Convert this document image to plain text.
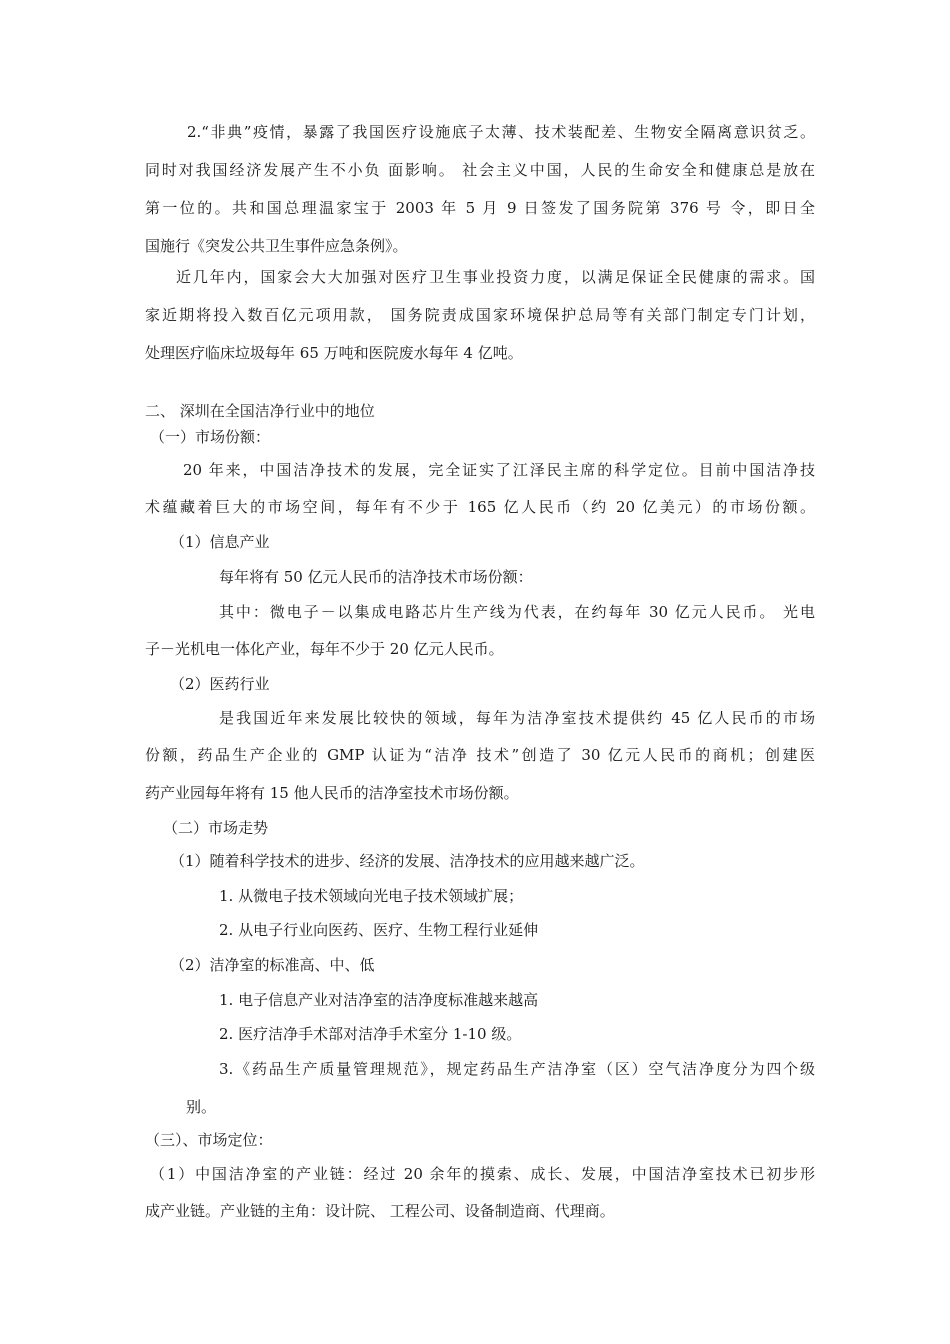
2.“非典”疫情，暴露了我国医疗设施底子太薄、技术装配差、生物安全隔离意识贫乏。
同时对我国经济发展产生不小负 面影响。 社会主义中国，人民的生命安全和健康总是放在
第一位的。共和国总理温家宝于 2003 年 5 月 9 日签发了国务院第 376 号 令，即日全
国施行《突发公共卫生事件应急条例》。
近几年内，国家会大大加强对医疗卫生事业投资力度，以满足保证全民健康的需求。国
家近期将投入数百亿元项用款， 国务院责成国家环境保护总局等有关部门制定专门计划，
处理医疗临床垃圾每年 65 万吨和医院废水每年 4 亿吨。
二、 深圳在全国洁净行业中的地位
（一）市场份额：
20 年来，中国洁净技术的发展，完全证实了江泽民主席的科学定位。目前中国洁净技
术蕴藏着巨大的市场空间，每年有不少于 165 亿人民币（约 20 亿美元）的市场份额。
（1）信息产业
每年将有 50 亿元人民币的洁净技术市场份额：
其中：微电子－以集成电路芯片生产线为代表，在约每年 30 亿元人民币。 光电
子－光机电一体化产业，每年不少于 20 亿元人民币。
（2）医药行业
是我国近年来发展比较快的领域，每年为洁净室技术提供约 45 亿人民币的市场
份额，药品生产企业的 GMP 认证为“洁净 技术”创造了 30 亿元人民币的商机；创建医
药产业园每年将有 15 他人民币的洁净室技术市场份额。
（二）市场走势
（1）随着科学技术的进步、经济的发展、洁净技术的应用越来越广泛。
1. 从微电子技术领域向光电子技术领域扩展；
2. 从电子行业向医药、医疗、生物工程行业延伸
（2）洁净室的标准高、中、低
1. 电子信息产业对洁净室的洁净度标准越来越高
2. 医疗洁净手术部对洁净手术室分 1-10 级。
3.《药品生产质量管理规范》，规定药品生产洁净室（区）空气洁净度分为四个级
别。
（三）、市场定位：
（1）中国洁净室的产业链：经过 20 余年的摸索、成长、发展，中国洁净室技术已初步形
成产业链。产业链的主角：设计院、 工程公司、设备制造商、代理商。
